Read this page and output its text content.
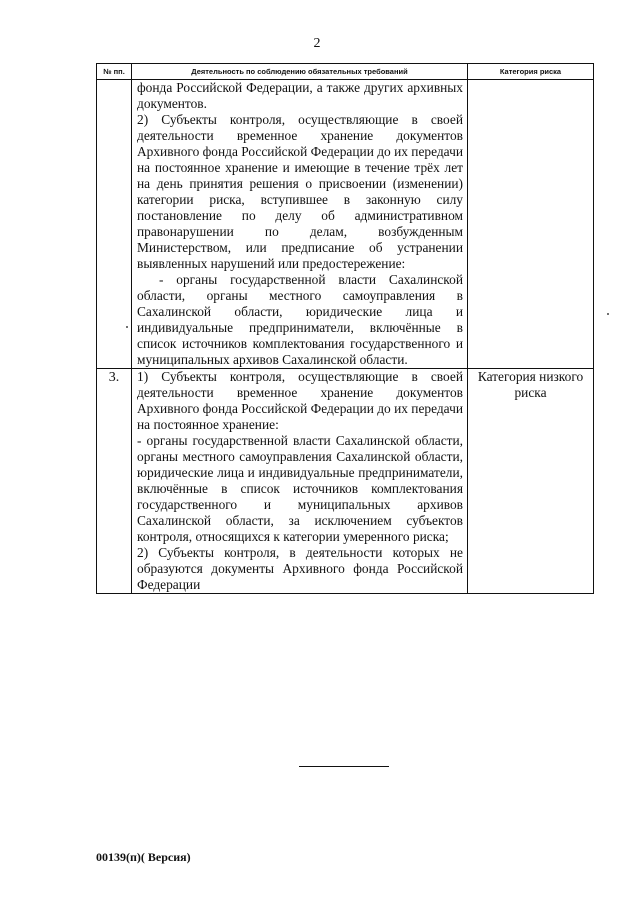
2
№ пп.	Деятельность по соблюдению обязательных требований	Категория риска

	фонда Российской Федерации, а также других архивных документов.

2) Субъекты контроля, осуществляющие в своей деятельности временное хранение документов Архивного фонда Российской Федерации до их передачи на постоянное хранение и имеющие в течение трёх лет на день принятия решения о присвоении (изменении) категории риска, вступившее в законную силу постановление по делу об административном правонарушении по делам, возбужденным Министерством, или предписание об устранении выявленных нарушений или предостережение:

- органы государственной власти Сахалинской области, органы местного самоуправления в Сахалинской области, юридические лица и индивидуальные предприниматели, включённые в список источников комплектования государственного и муниципальных архивов Сахалинской области.	

3.	1) Субъекты контроля, осуществляющие в своей деятельности временное хранение документов Архивного фонда Российской Федерации до их передачи на постоянное хранение:

- органы государственной власти Сахалинской области, органы местного самоуправления Сахалинской области, юридические лица и индивидуальные предприниматели, включённые в список источников комплектования государственного и муниципальных архивов Сахалинской области, за исключением субъектов контроля, относящихся к категории умеренного риска;

2) Субъекты контроля, в деятельности которых не образуются документы Архивного фонда Российской Федерации	Категория низкого риска
00139(п)( Версия)
